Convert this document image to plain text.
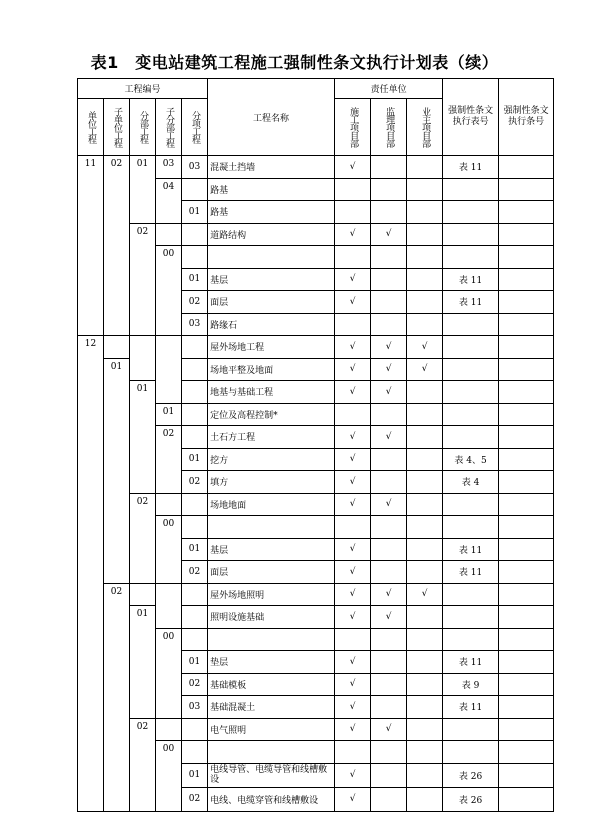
表1　变电站建筑工程施工强制性条文执行计划表（续）
工程编号					工程名称	责任单位			强制性条文执行表号	强制性条文执行条号

单位工程	子单位工程	分部工程	子分部工程	分项工程		施工项目部	监理项目部	业主项目部		

11	02	01	03	03	混凝土挡墙	√			表 11	
			04		路基					
				01	路基					
		02			道路结构	√	√			
			00							
				01	基层	√			表 11	
				02	面层	√			表 11	
				03	路缘石					
12					屋外场地工程	√	√	√		
	01				场地平整及地面	√	√	√		
		01			地基与基础工程	√	√			
			01		定位及高程控制*					
			02		土石方工程	√	√			
				01	挖方	√			表 4、5	
				02	填方	√			表 4	
		02			场地地面	√	√			
			00							
				01	基层	√			表 11	
				02	面层	√			表 11	
	02				屋外场地照明	√	√	√		
		01			照明设施基础	√	√			
			00							
				01	垫层	√			表 11	
				02	基础模板	√			表 9	
				03	基础混凝土	√			表 11	
		02			电气照明	√	√			
			00							
				01	电线导管、电缆导管和线槽敷设	√			表 26	
				02	电线、电缆穿管和线槽敷设	√			表 26	
